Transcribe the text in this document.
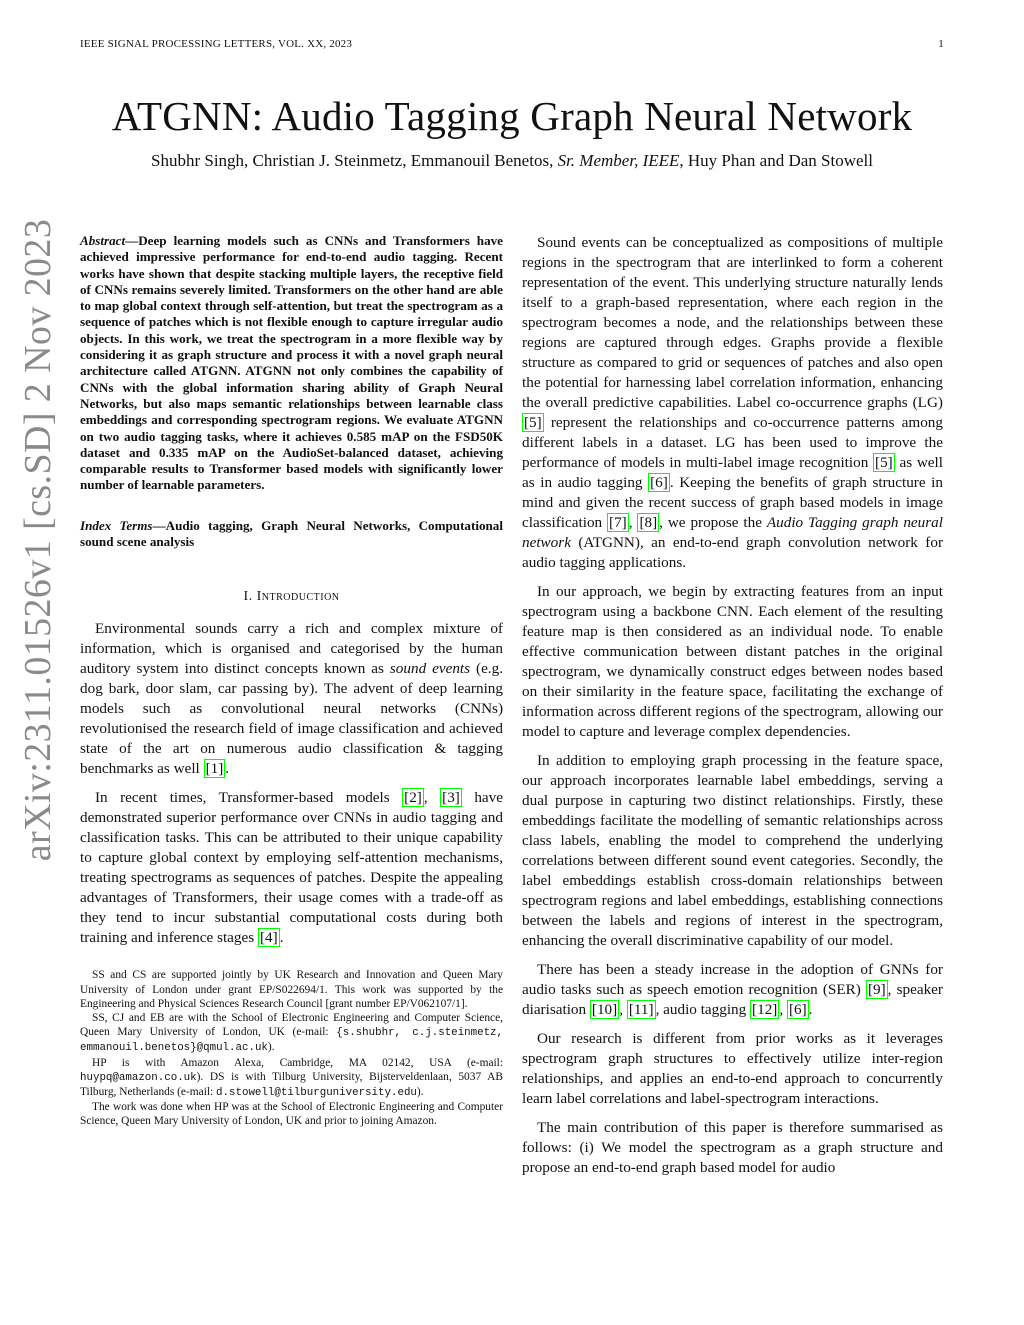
IEEE SIGNAL PROCESSING LETTERS, VOL. XX, 2023	1
ATGNN: Audio Tagging Graph Neural Network
Shubhr Singh, Christian J. Steinmetz, Emmanouil Benetos, Sr. Member, IEEE, Huy Phan and Dan Stowell
arXiv:2311.01526v1 [cs.SD] 2 Nov 2023	Abstract—Deep learning models such as CNNs and Transformers have achieved impressive performance for end-to-end audio tagging. Recent works have shown that despite stacking multiple layers, the receptive field of CNNs remains severely limited. Transformers on the other hand are able to map global context through self-attention, but treat the spectrogram as a sequence of patches which is not flexible enough to capture irregular audio objects. In this work, we treat the spectrogram in a more flexible way by considering it as graph structure and process it with a novel graph neural architecture called ATGNN. ATGNN not only combines the capability of CNNs with the global information sharing ability of Graph Neural Networks, but also maps semantic relationships between learnable class embeddings and corresponding spectrogram regions. We evaluate ATGNN on two audio tagging tasks, where it achieves 0.585 mAP on the FSD50K dataset and 0.335 mAP on the AudioSet-balanced dataset, achieving comparable results to Transformer based models with significantly lower number of learnable parameters.

Index Terms—Audio tagging, Graph Neural Networks, Computational sound scene analysis

I. Introduction

Environmental sounds carry a rich and complex mixture of information, which is organised and categorised by the human auditory system into distinct concepts known as sound events (e.g. dog bark, door slam, car passing by). The advent of deep learning models such as convolutional neural networks (CNNs) revolutionised the research field of image classification and achieved state of the art on numerous audio classification & tagging benchmarks as well [1] .

In recent times, Transformer-based models [2] , [3] have demonstrated superior performance over CNNs in audio tagging and classification tasks. This can be attributed to their unique capability to capture global context by employing self-attention mechanisms, treating spectrograms as sequences of patches. Despite the appealing advantages of Transformers, their usage comes with a trade-off as they tend to incur substantial computational costs during both training and inference stages [4] .

SS and CS are supported jointly by UK Research and Innovation and Queen Mary University of London under grant EP/S022694/1. This work was supported by the Engineering and Physical Sciences Research Council [grant number EP/V062107/1].

SS, CJ and EB are with the School of Electronic Engineering and Computer Science, Queen Mary University of London, UK (e-mail: {s.shubhr, c.j.steinmetz, emmanouil.benetos}@qmul.ac.uk).

HP is with Amazon Alexa, Cambridge, MA 02142, USA (e-mail: huypq@amazon.co.uk). DS is with Tilburg University, Bijsterveldenlaan, 5037 AB Tilburg, Netherlands (e-mail: d.stowell@tilburguniversity.edu).

The work was done when HP was at the School of Electronic Engineering and Computer Science, Queen Mary University of London, UK and prior to joining Amazon.

Sound events can be conceptualized as compositions of multiple regions in the spectrogram that are interlinked to form a coherent representation of the event. This underlying structure naturally lends itself to a graph-based representation, where each region in the spectrogram becomes a node, and the relationships between these regions are captured through edges. Graphs provide a flexible structure as compared to grid or sequences of patches and also open the potential for harnessing label correlation information, enhancing the overall predictive capabilities. Label co-occurrence graphs (LG) [5] represent the relationships and co-occurrence patterns among different labels in a dataset. LG has been used to improve the performance of models in multi-label image recognition [5] as well as in audio tagging [6] . Keeping the benefits of graph structure in mind and given the recent success of graph based models in image classification [7] , [8] , we propose the Audio Tagging graph neural network (ATGNN), an end-to-end graph convolution network for audio tagging applications.

In our approach, we begin by extracting features from an input spectrogram using a backbone CNN. Each element of the resulting feature map is then considered as an individual node. To enable effective communication between distant patches in the original spectrogram, we dynamically construct edges between nodes based on their similarity in the feature space, facilitating the exchange of information across different regions of the spectrogram, allowing our model to capture and leverage complex dependencies.

In addition to employing graph processing in the feature space, our approach incorporates learnable label embeddings, serving a dual purpose in capturing two distinct relationships. Firstly, these embeddings facilitate the modelling of semantic relationships across class labels, enabling the model to comprehend the underlying correlations between different sound event categories. Secondly, the label embeddings establish cross-domain relationships between spectrogram regions and label embeddings, establishing connections between the labels and regions of interest in the spectrogram, enhancing the overall discriminative capability of our model.

There has been a steady increase in the adoption of GNNs for audio tasks such as speech emotion recognition (SER) [9] , speaker diarisation [10] , [11] , audio tagging [12] , [6] .

Our research is different from prior works as it leverages spectrogram graph structures to effectively utilize inter-region relationships, and applies an end-to-end approach to concurrently learn label correlations and label-spectrogram interactions.

The main contribution of this paper is therefore summarised as follows: (i) We model the spectrogram as a graph structure and propose an end-to-end graph based model for audio
